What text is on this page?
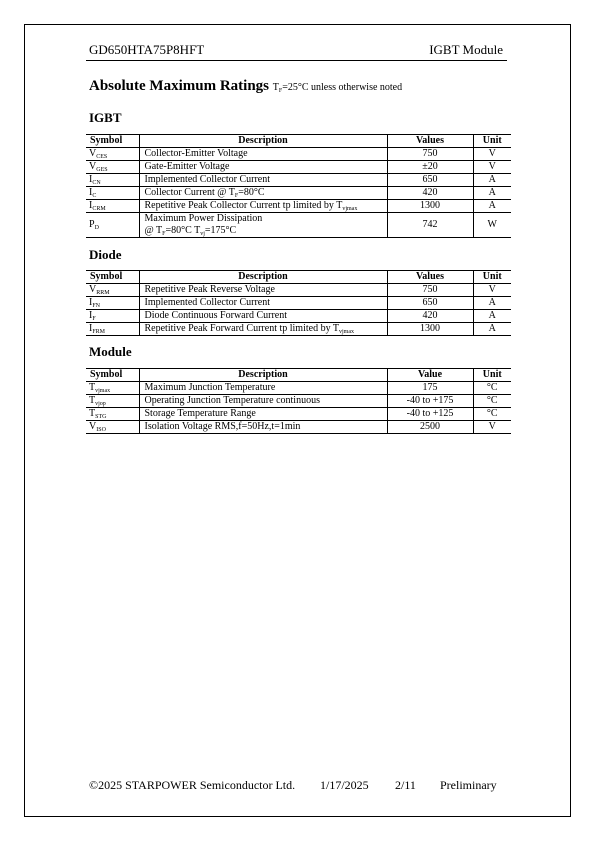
GD650HTA75P8HFT	IGBT Module
Absolute Maximum Ratings $T_F=25^\circ C$ unless otherwise noted
IGBT
Symbol	Description	Values	Unit
$V_{CES}$	Collector-Emitter Voltage	750	V
$V_{GES}$	Gate-Emitter Voltage	±20	V
$I_{CN}$	Implemented Collector Current	650	A
$I_C$	Collector Current @ $T_F=80^\circ C$	420	A
$I_{CRM}$	Repetitive Peak Collector Current tp limited by $T_{vjmax}$	1300	A
$P_D$	Maximum Power Dissipation
@ $T_F=80^\circ C$ $T_{vj}=175^\circ C$	742	W
Diode
Symbol	Description	Values	Unit
$V_{RRM}$	Repetitive Peak Reverse Voltage	750	V
$I_{FN}$	Implemented Collector Current	650	A
$I_F$	Diode Continuous Forward Current	420	A
$I_{FRM}$	Repetitive Peak Forward Current tp limited by $T_{vjmax}$	1300	A
Module
Symbol	Description	Value	Unit
$T_{vjmax}$	Maximum Junction Temperature	175	°C
$T_{vjop}$	Operating Junction Temperature continuous	-40 to +175	°C
$T_{STG}$	Storage Temperature Range	-40 to +125	°C
$V_{ISO}$	Isolation Voltage RMS,f=50Hz,t=1min	2500	V
©2025 STARPOWER Semiconductor Ltd. 1/17/2025 2/11 Preliminary
